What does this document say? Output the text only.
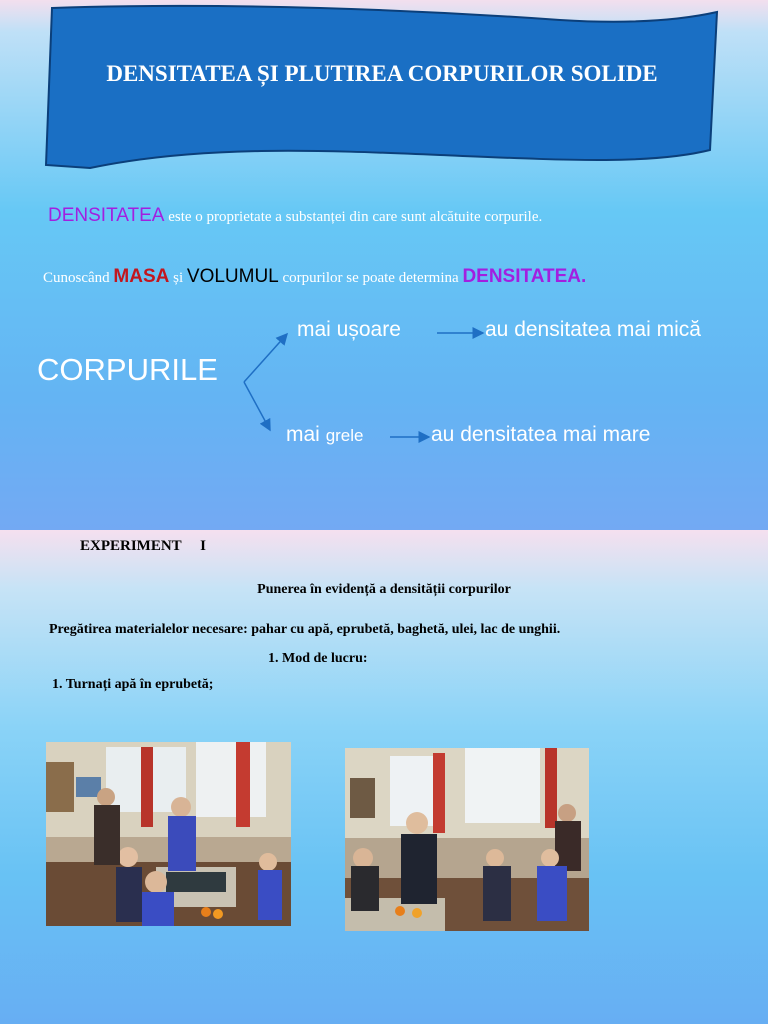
DENSITATEA ȘI PLUTIREA CORPURILOR SOLIDE
DENSITATEA este o proprietate a substanței din care sunt alcătuite corpurile.
Cunoscând MASA și VOLUMUL corpurilor se poate determina DENSITATEA.
CORPURILE
mai ușoare	au densitatea mai mică
mai grele	au densitatea mai mare
EXPERIMENT     I
Punerea în evidență a densității corpurilor
Pregătirea materialelor necesare: pahar cu apă, eprubetă, baghetă, ulei, lac de unghii.
1. Mod de lucru:
1. Turnați apă în eprubetă;
